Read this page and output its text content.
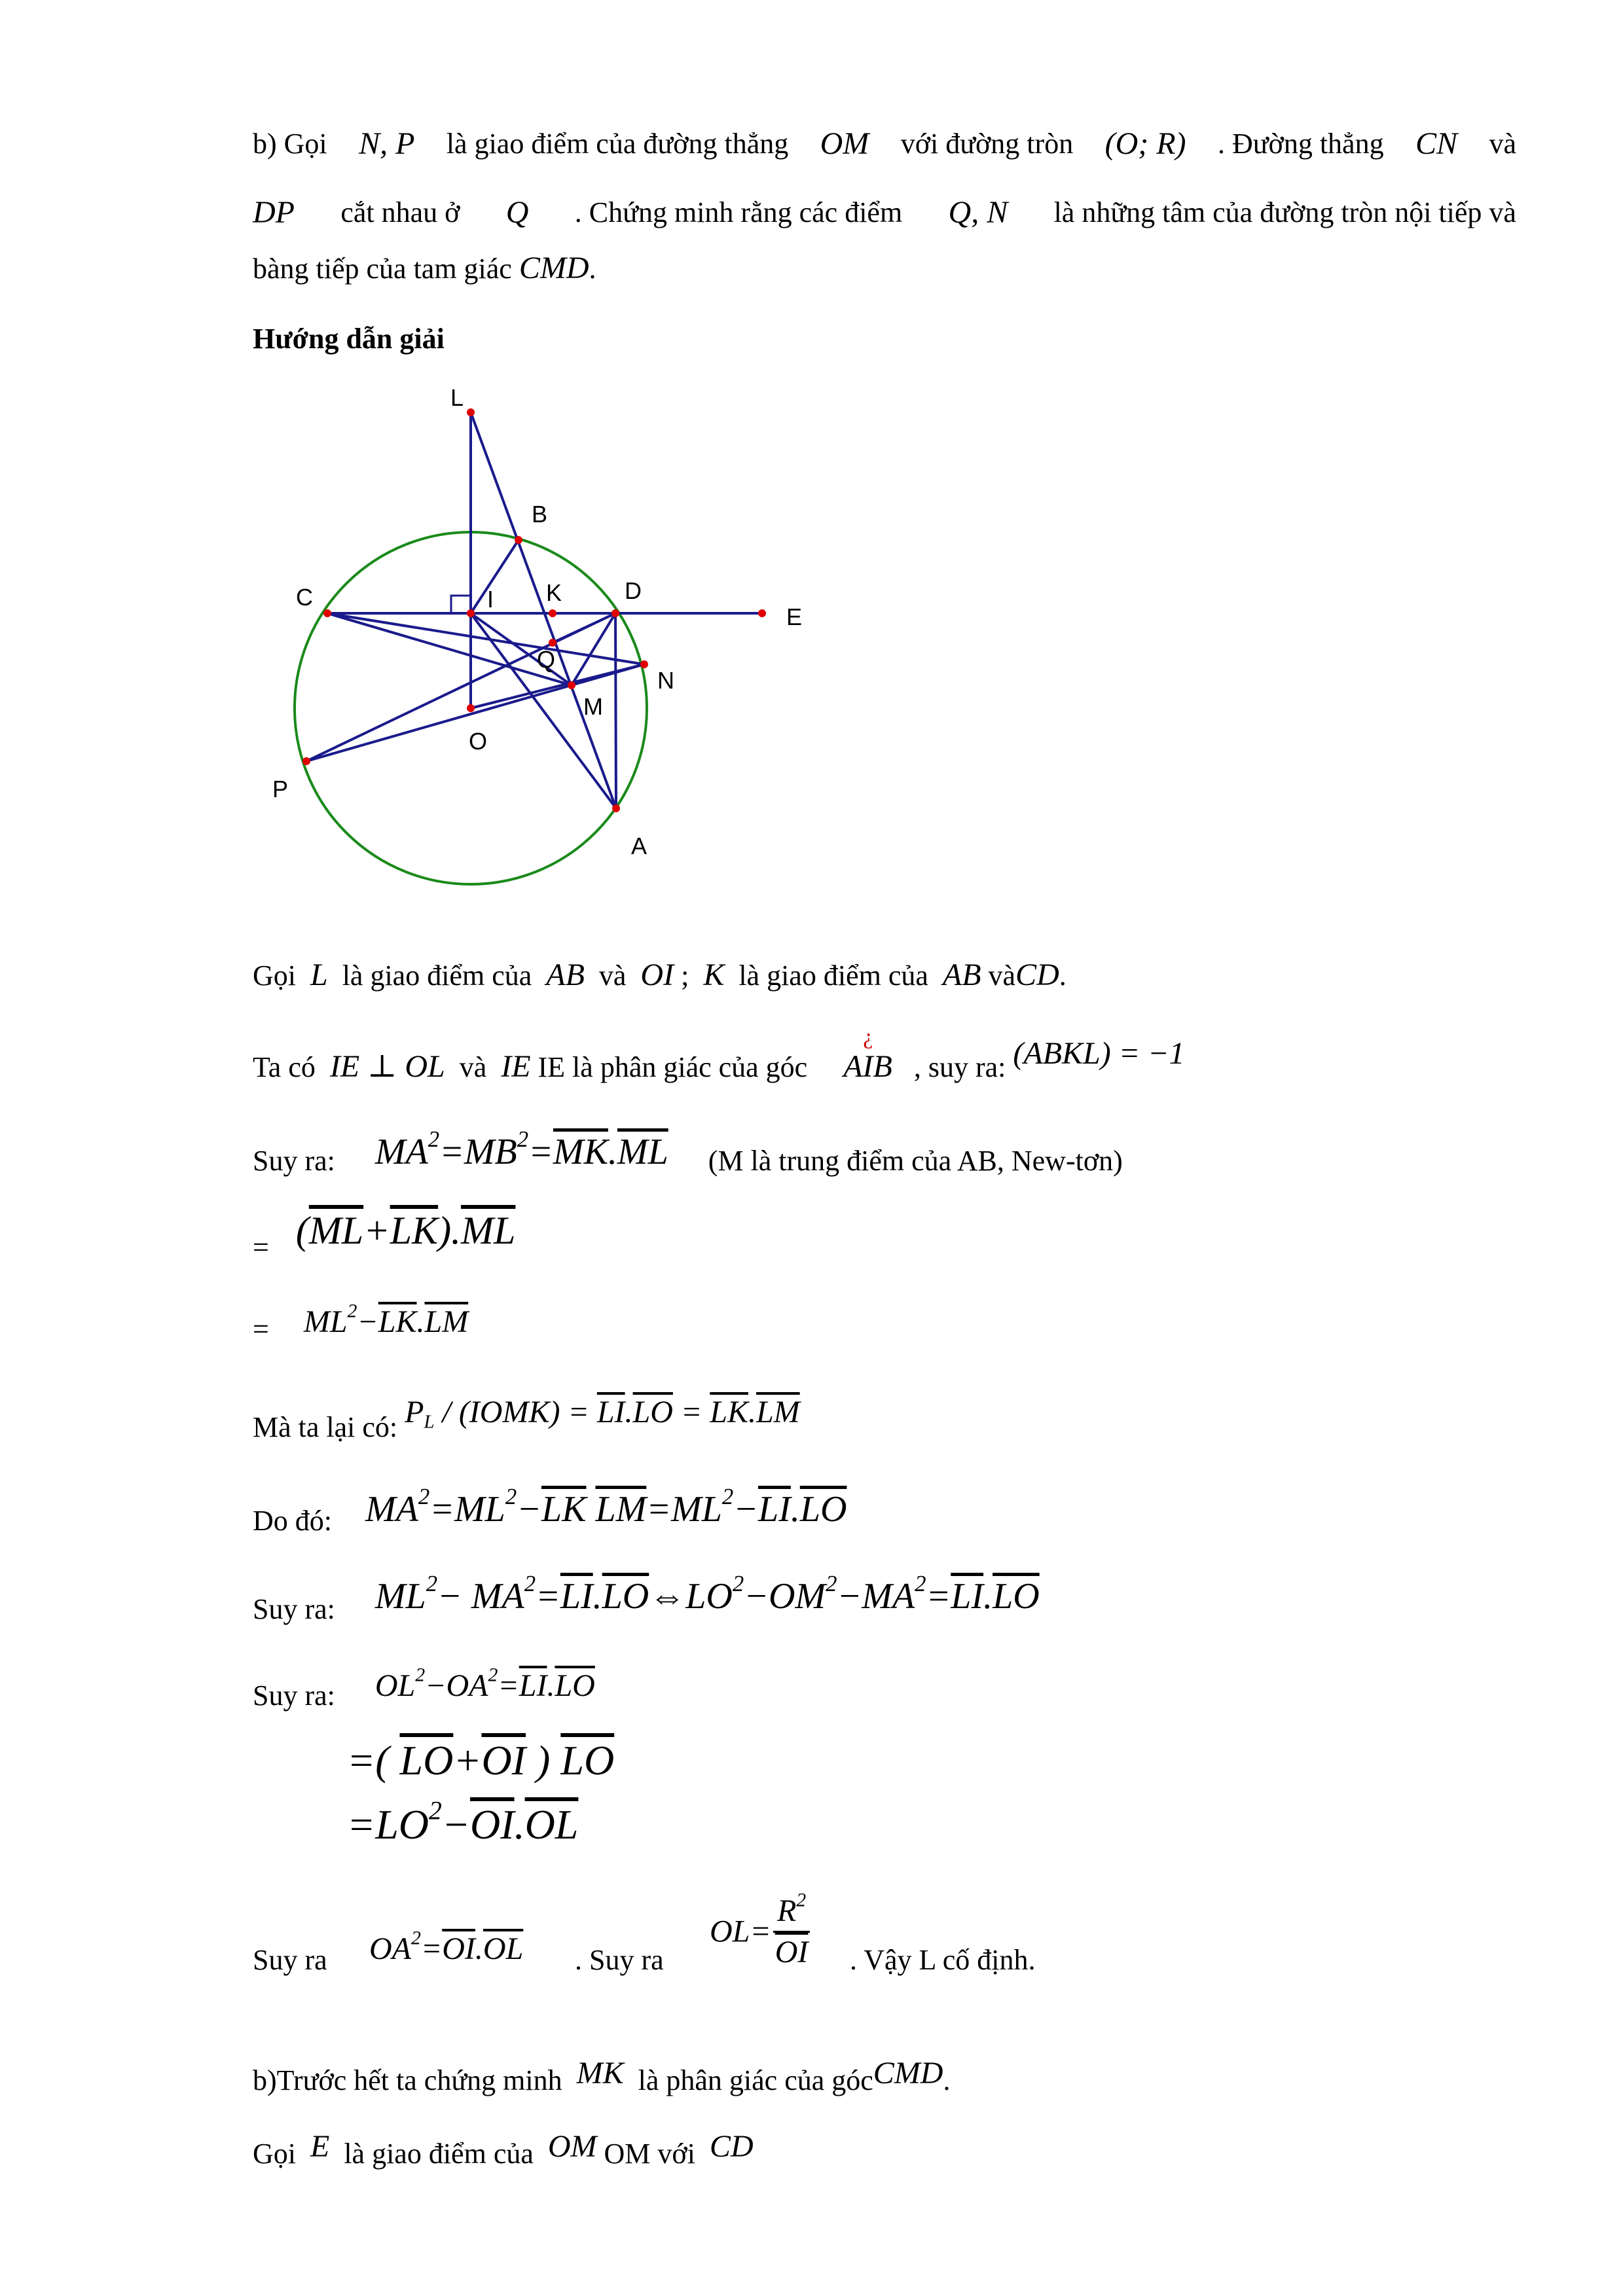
b) Gọi N, P là giao điểm của đường thẳng OM với đường tròn (O; R) . Đường thẳng CN và
DP cắt nhau ở Q . Chứng minh rằng các điểm Q, N là những tâm của đường tròn nội tiếp và
bàng tiếp của tam giác CMD.
Hướng dẫn giải
L
B
C	I K	D
E
Q
N
M
O
P
A
Gọi L là giao điểm của AB và OI ; K là giao điểm của AB vàCD.
Ta có IE ⊥ OL và IE IE là phân giác của góc
¿
AIB , suy ra: (ABKL) = −1
Suy ra: $MA^2=MB^2=\overline{MK}.\overline{ML}$ (M là trung điểm của AB, New-tơn)
= $(\overline{ML}+\overline{LK}).\overline{ML}$
= $ML^2-\overline{LK}.\overline{LM}$
Mà ta lại có: $P_L$ / (IOMK) = $\overline{LI}.\overline{LO} = \overline{LK}.\overline{LM}$
Do đó: $MA^2=ML^2-\overline{LK}$ $\overline{LM}=ML^2-\overline{LI}.\overline{LO}$
Suy ra: $ML^2-$ $MA^2=\overline{LI}.\overline{LO}\Leftrightarrow LO^2-OM^2-MA^2=\overline{LI}.\overline{LO}$
Suy ra: $OL^2-OA^2=\overline{LI}.\overline{LO}$
=( $\overline{LO}+\overline{OI}$ ) $\overline{LO}$
$=LO^2-\overline{OI}.\overline{OL}$
Suy ra $OA^2=\overline{OI}.\overline{OL}$ . Suy ra
$OL= \frac{R^2}{OI}$ . Vậy L cố định.
b)Trước hết ta chứng minh MK là phân giác của gócCMD.
Gọi E là giao điểm của OM OM với CD
